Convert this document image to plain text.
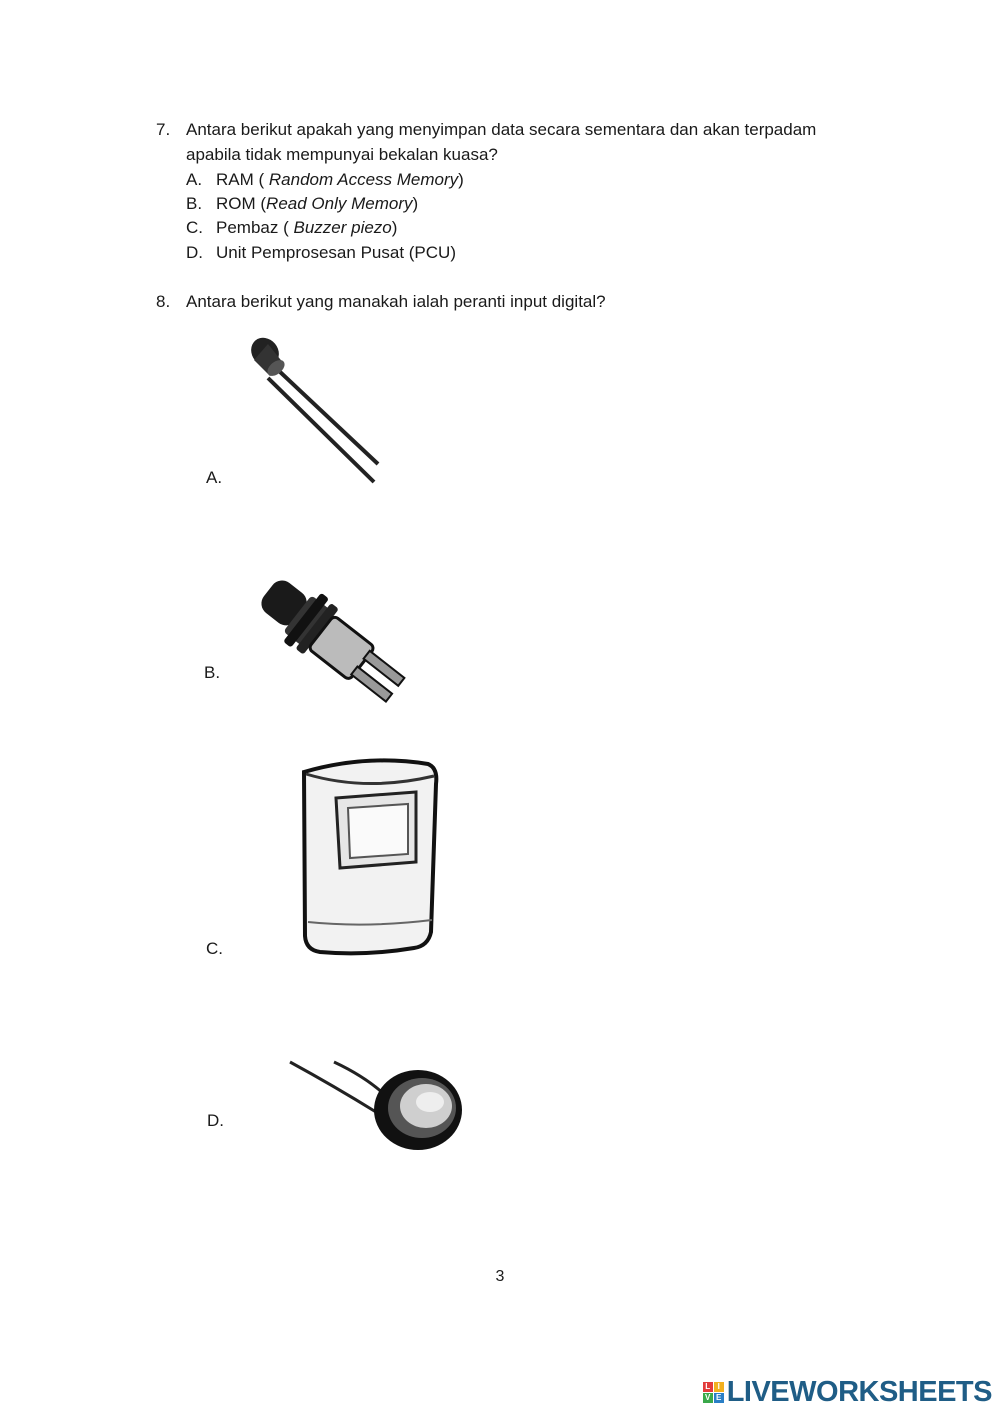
7. Antara berikut apakah yang menyimpan data secara sementara dan akan terpadam
apabila tidak mempunyai bekalan kuasa?
A. RAM ( Random Access Memory)
B. ROM (Read Only Memory)
C. Pembaz ( Buzzer piezo)
D. Unit Pemprosesan Pusat (PCU)
8. Antara berikut yang manakah ialah peranti input digital?
A.
B.
C.
D.
3
L I
V E LIVEWORKSHEETS
